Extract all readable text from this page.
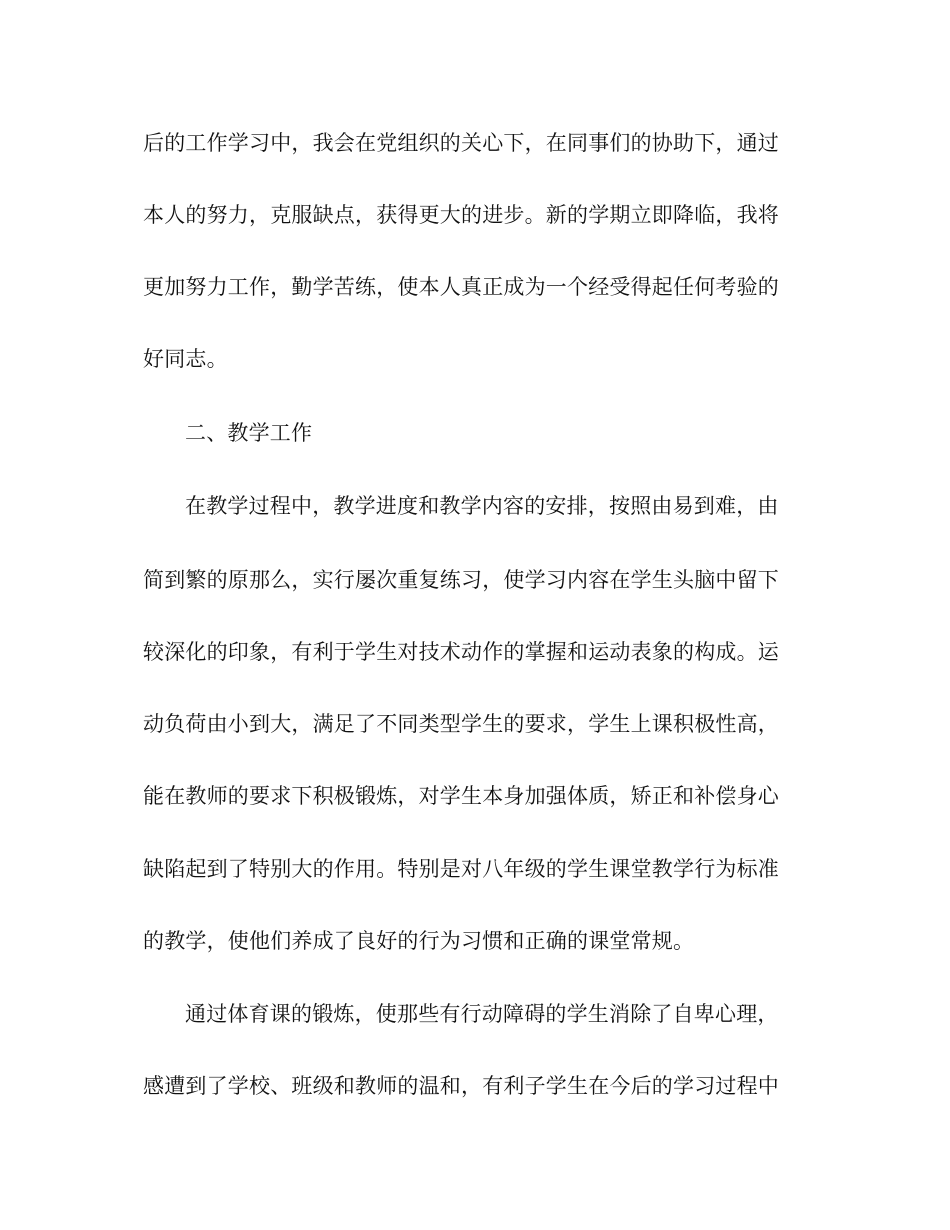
后的工作学习中，我会在党组织的关心下，在同事们的协助下，通过
本人的努力，克服缺点，获得更大的进步。新的学期立即降临，我将
更加努力工作，勤学苦练，使本人真正成为一个经受得起任何考验的
好同志。
二、教学工作
在教学过程中，教学进度和教学内容的安排，按照由易到难，由
简到繁的原那么，实行屡次重复练习，使学习内容在学生头脑中留下
较深化的印象，有利于学生对技术动作的掌握和运动表象的构成。运
动负荷由小到大，满足了不同类型学生的要求，学生上课积极性高，
能在教师的要求下积极锻炼，对学生本身加强体质，矫正和补偿身心
缺陷起到了特别大的作用。特别是对八年级的学生课堂教学行为标准
的教学，使他们养成了良好的行为习惯和正确的课堂常规。
通过体育课的锻炼，使那些有行动障碍的学生消除了自卑心理，
感遭到了学校、班级和教师的温和，有利子学生在今后的学习过程中
